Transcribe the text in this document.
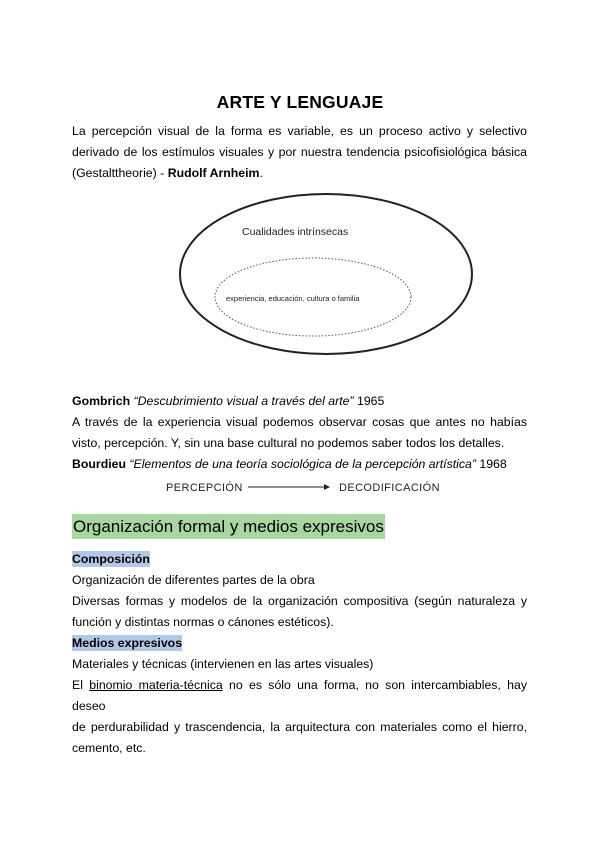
ARTE Y LENGUAJE
La percepción visual de la forma es variable, es un proceso activo y selectivo
derivado de los estímulos visuales y por nuestra tendencia psicofisiológica básica
(Gestalttheorie) - Rudolf Arnheim.
Cualidades intrínsecas
experiencia, educación, cultura o familia
Gombrich “Descubrimiento visual a través del arte” 1965
A través de la experiencia visual podemos observar cosas que antes no habías
visto, percepción. Y, sin una base cultural no podemos saber todos los detalles.
Bourdieu “Elementos de una teoría sociológica de la percepción artística” 1968
PERCEPCIÓN	DECODIFICACIÓN
Organización formal y medios expresivos
Composición
Organización de diferentes partes de la obra
Diversas formas y modelos de la organización compositiva (según naturaleza y
función y distintas normas o cánones estéticos).
Medios expresivos
Materiales y técnicas (intervienen en las artes visuales)
El binomio materia-técnica no es sólo una forma, no son intercambiables, hay deseo
de perdurabilidad y trascendencia, la arquitectura con materiales como el hierro,
cemento, etc.
